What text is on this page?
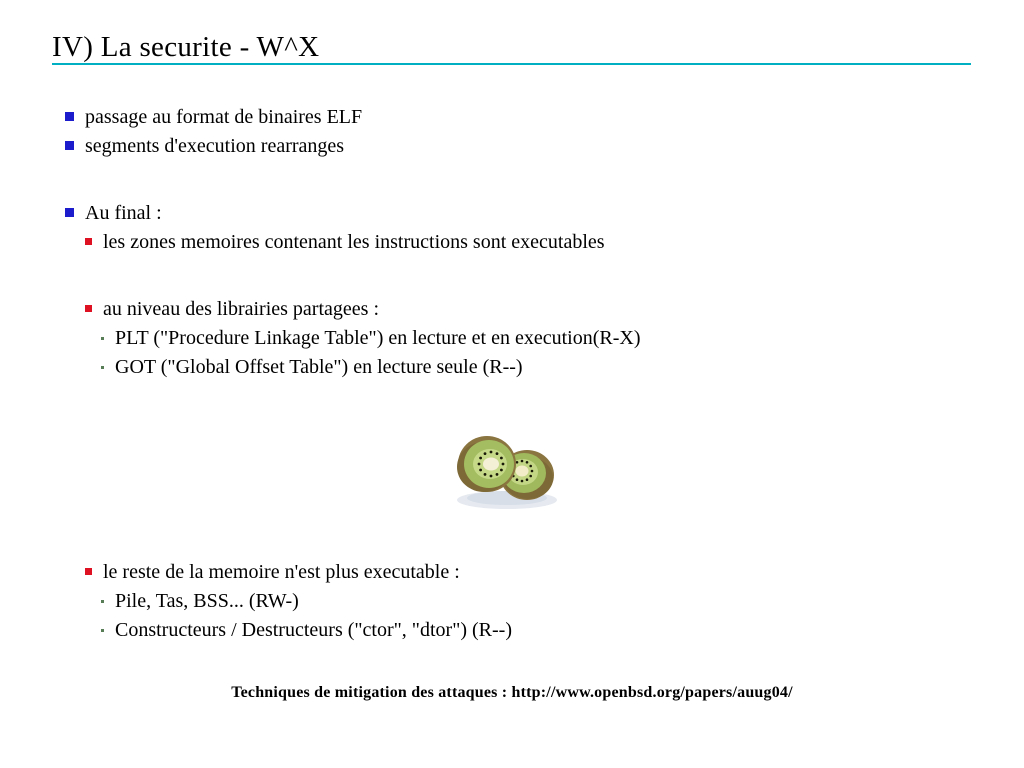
IV) La securite - W^X
passage au format de binaires ELF
segments d'execution rearranges
Au final :
les zones memoires contenant les instructions sont executables
au niveau des librairies partagees :
PLT ("Procedure Linkage Table") en lecture et en execution(R-X)
GOT ("Global Offset Table") en lecture seule (R--)
le reste de la memoire n'est plus executable :
Pile, Tas, BSS... (RW-)
Constructeurs / Destructeurs ("ctor", "dtor") (R--)
Techniques de mitigation des attaques : http://www.openbsd.org/papers/auug04/
